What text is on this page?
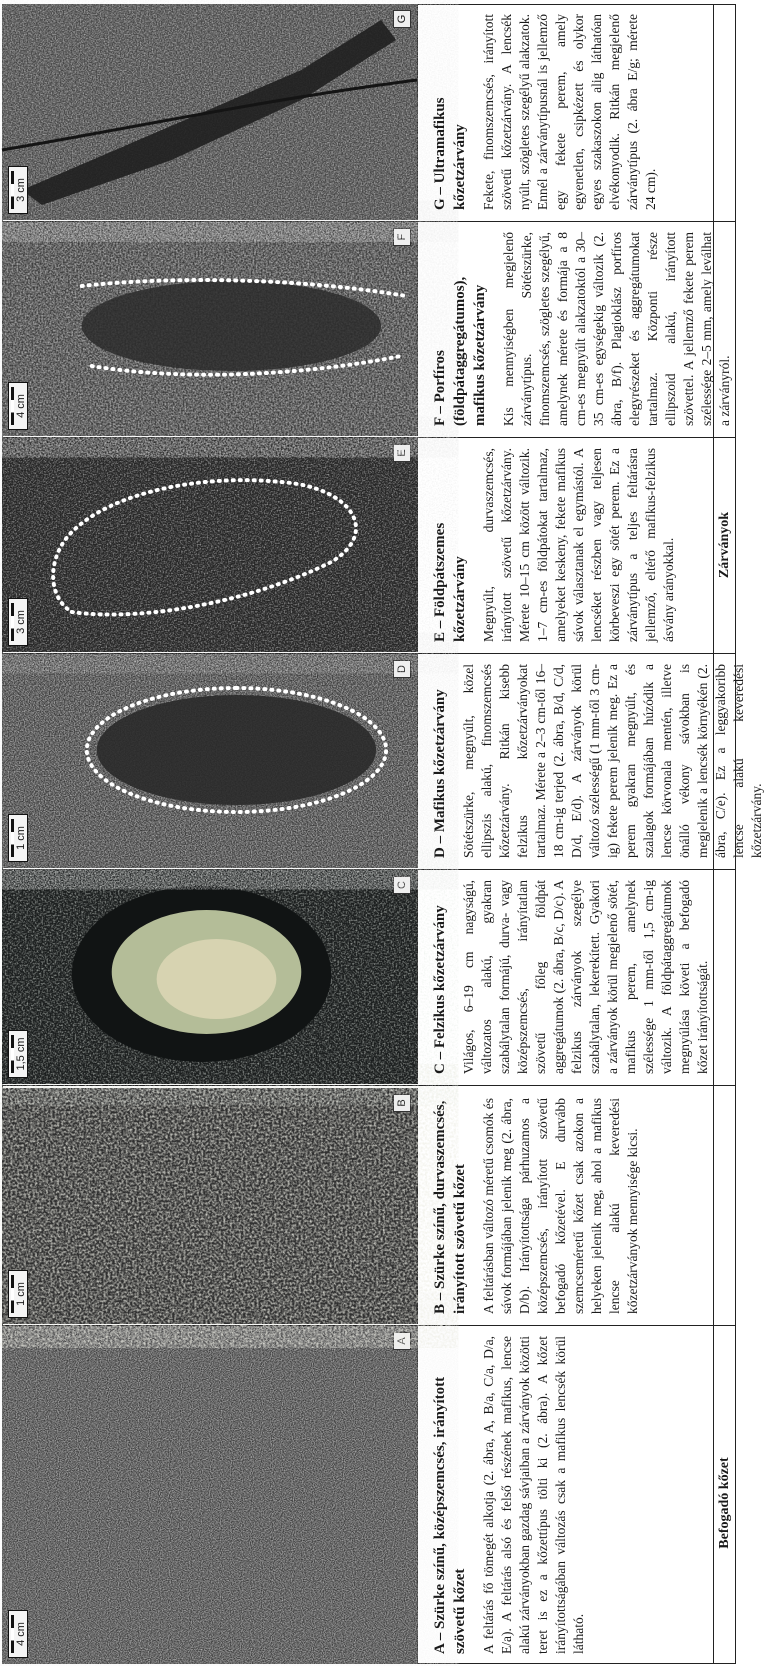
Befogadó kőzet
Zárványok
4 cm
A
A – Szürke színű, középszemcsés, irányított szövetű kőzet A feltárás fő tömegét alkotja (2. ábra, A, B/a, C/a, D/a, E/a). A feltárás alsó és felső részének mafikus, lencse alakú zárványokban gazdag sávjaiban a zárványok közötti teret is ez a kőzettípus tölti ki (2. ábra). A kőzet irányítottságában változás csak a mafikus lencsék körül látható.

1 cm
B B – Szürke színű, durvaszemcsés, irányított szövetű kőzet A feltárásban változó méretű csomók és sávok formájában jelenik meg (2. ábra, D/b). Irányítottsága párhuzamos a középszemcsés, irányított szövetű befogadó kőzetével. E durvább szemcseméretű kőzet csak azokon a helyeken jelenik meg, ahol a mafikus lencse alakú keveredési kőzetzárványok mennyisége kicsi.

1,5 cm
C
C – Felzikus kőzetzárvány Világos, 6–19 cm nagyságú, változatos alakú, gyakran szabálytalan formájú, durva- vagy középszemcsés, irányítatlan szövetű főleg földpát aggregátumok (2. ábra, B/c, D/c). A felzikus zárványok szegélye szabálytalan, lekerekített. Gyakori a zárványok körül megjelenő sötét, mafikus perem, amelynek szélessége 1 mm-től 1,5 cm-ig változik. A földpátaggregátumok megnyúlása követi a befogadó kőzet irányítottságát.

1 cm
D
D – Mafikus kőzetzárvány Sötétszürke, megnyúlt, közel ellipszis alakú, finomszemcsés kőzetzárvány. Ritkán kisebb felzikus kőzetzárványokat tartalmaz. Mérete a 2–3 cm-től 16–18 cm-ig terjed (2. ábra, B/d, C/d, D/d, E/d). A zárványok körül változó szélességű (1 mm-től 3 cm-ig) fekete perem jelenik meg. Ez a perem gyakran megnyúlt, és szalagok formájában húzódik a lencse körvonala mentén, illetve önálló vékony sávokban is megjelenik a lencsék környékén (2. ábra, C/e). Ez a leggyakoribb lencse alakú keveredési kőzetzárvány.

3 cm
E
E – Földpátszemes kőzetzárvány Megnyúlt, durvaszemcsés, irányított szövetű kőzetzárvány. Mérete 10–15 cm között változik. 1–7 cm-es földpátokat tartalmaz, amelyeket keskeny, fekete mafikus sávok választanak el egymástól. A lencséket részben vagy teljesen körbeveszi egy sötét perem. Ez a zárványtípus a teljes feltárásra jellemző, eltérő mafikus-felzikus ásvány arányokkal.

4 cm
F
F – Porfíros (földpátaggregátumos), mafikus kőzetzárvány Kis mennyiségben megjelenő zárványtípus. Sötétszürke, finomszemcsés, szögletes szegélyű, amelynek mérete és formája a 8 cm-es megnyúlt alakzatoktól a 30–35 cm-es egységekig változik (2. ábra, B/f). Plagioklász porfíros elegyrészeket és aggregátumokat tartalmaz. Központi része ellipszoid alakú, irányított szövettel. A jellemző fekete perem szélessége 2–5 mm, amely leválhat a zárványról.

3 cm
G
G – Ultramafikus kőzetzárvány Fekete, finomszemcsés, irányított szövetű kőzetzárvány. A lencsék nyúlt, szögletes szegélyű alakzatok. Ennél a zárványtípusnál is jellemző egy fekete perem, amely egyenetlen, csipkézett és olykor egyes szakaszokon alig láthatóan elvékonyodik. Ritkán megjelenő zárványtípus (2. ábra E/g; mérete 24 cm).
